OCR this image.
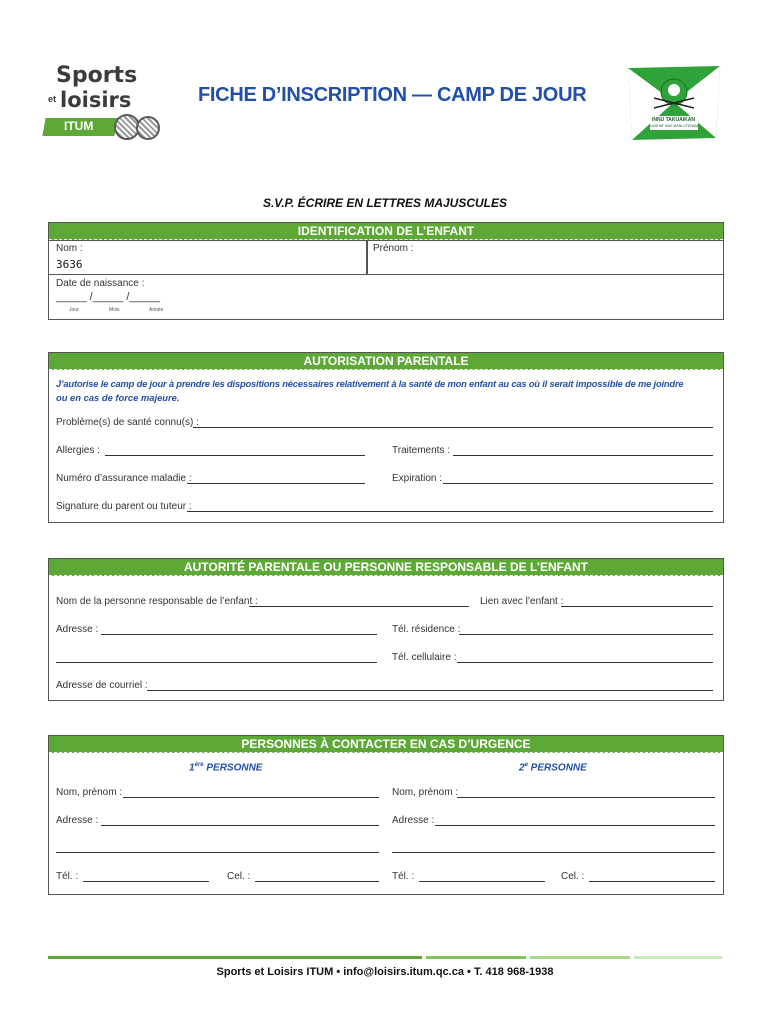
Sports
et loisirs
ITUM
FICHE D’INSCRIPTION — CAMP DE JOUR
INNU TAKUAIKAN
UASHAT MAK MANI-UTENAM
S.V.P. ÉCRIRE EN LETTRES MAJUSCULES
IDENTIFICATION DE L’ENFANT
Nom :
3636
Prénom :
Date de naissance :
_____ /_____ /_____
Jour	Mois	Année
AUTORISATION PARENTALE
J’autorise le camp de jour à prendre les dispositions nécessaires relativement à la santé de mon enfant au cas où il serait impossible de me joindre
ou en cas de force majeure.
Problème(s) de santé connu(s) :
Allergies :	Traitements :
Numéro d’assurance maladie :	Expiration :
Signature du parent ou tuteur :
AUTORITÉ PARENTALE OU PERSONNE RESPONSABLE DE L’ENFANT
Nom de la personne responsable de l’enfant :	Lien avec l’enfant :
Adresse :	Tél. résidence :
Tél. cellulaire :
Adresse de courriel :
PERSONNES À CONTACTER EN CAS D’URGENCE
1ère PERSONNE	2e PERSONNE
Nom, prénom :
Adresse :
Tél. :	Cel. :
Nom, prénom :
Adresse :
Tél. :	Cel. :
Sports et Loisirs ITUM • info@loisirs.itum.qc.ca • T. 418 968-1938
